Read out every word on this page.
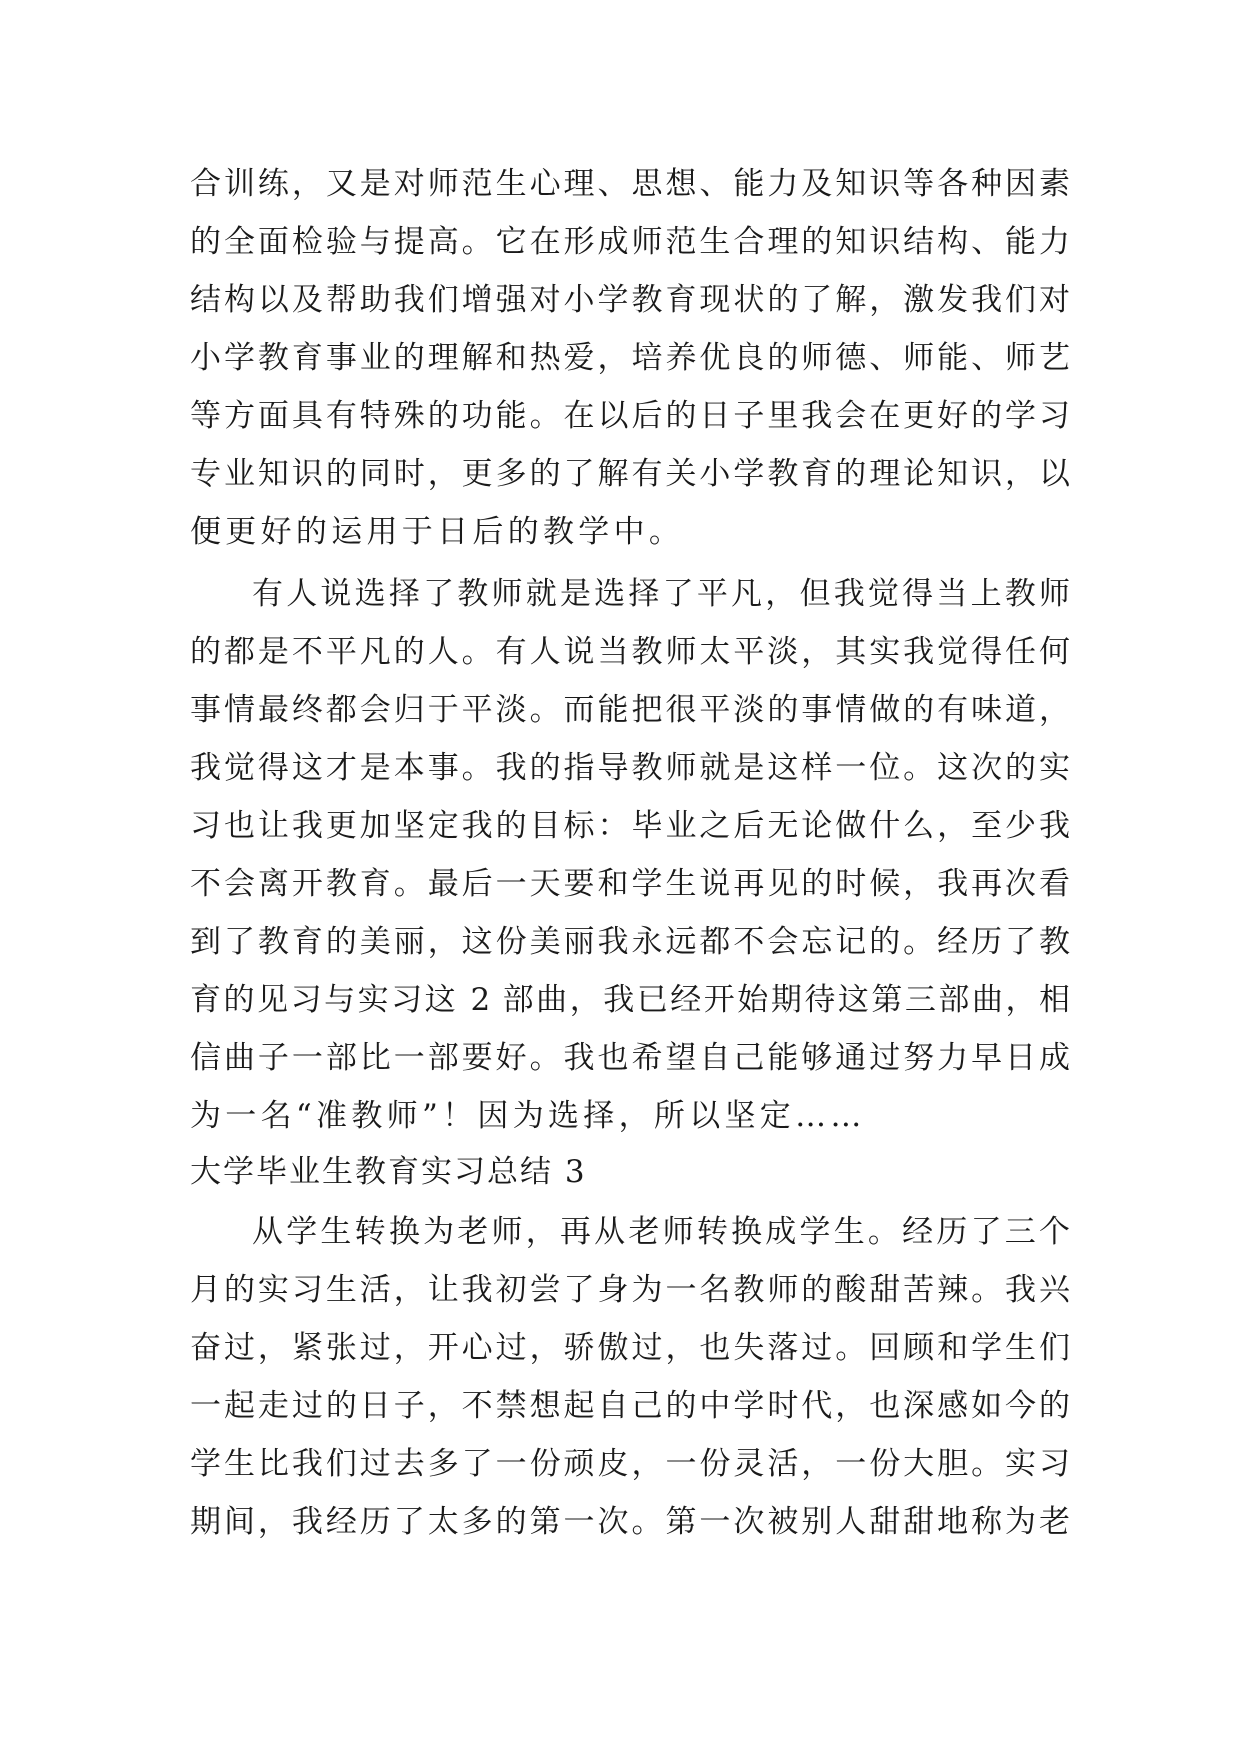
合训练，又是对师范生心理、思想、能力及知识等各种因素
的全面检验与提高。它在形成师范生合理的知识结构、能力
结构以及帮助我们增强对小学教育现状的了解，激发我们对
小学教育事业的理解和热爱，培养优良的师德、师能、师艺
等方面具有特殊的功能。在以后的日子里我会在更好的学习
专业知识的同时，更多的了解有关小学教育的理论知识，以
便更好的运用于日后的教学中。
有人说选择了教师就是选择了平凡，但我觉得当上教师
的都是不平凡的人。有人说当教师太平淡，其实我觉得任何
事情最终都会归于平淡。而能把很平淡的事情做的有味道，
我觉得这才是本事。我的指导教师就是这样一位。这次的实
习也让我更加坚定我的目标：毕业之后无论做什么，至少我
不会离开教育。最后一天要和学生说再见的时候，我再次看
到了教育的美丽，这份美丽我永远都不会忘记的。经历了教
育的见习与实习这 2 部曲，我已经开始期待这第三部曲，相
信曲子一部比一部要好。我也希望自己能够通过努力早日成
为一名“准教师”！因为选择，所以坚定……
大学毕业生教育实习总结 3
从学生转换为老师，再从老师转换成学生。经历了三个
月的实习生活，让我初尝了身为一名教师的酸甜苦辣。我兴
奋过，紧张过，开心过，骄傲过，也失落过。回顾和学生们
一起走过的日子，不禁想起自己的中学时代，也深感如今的
学生比我们过去多了一份顽皮，一份灵活，一份大胆。实习
期间，我经历了太多的第一次。第一次被别人甜甜地称为老
